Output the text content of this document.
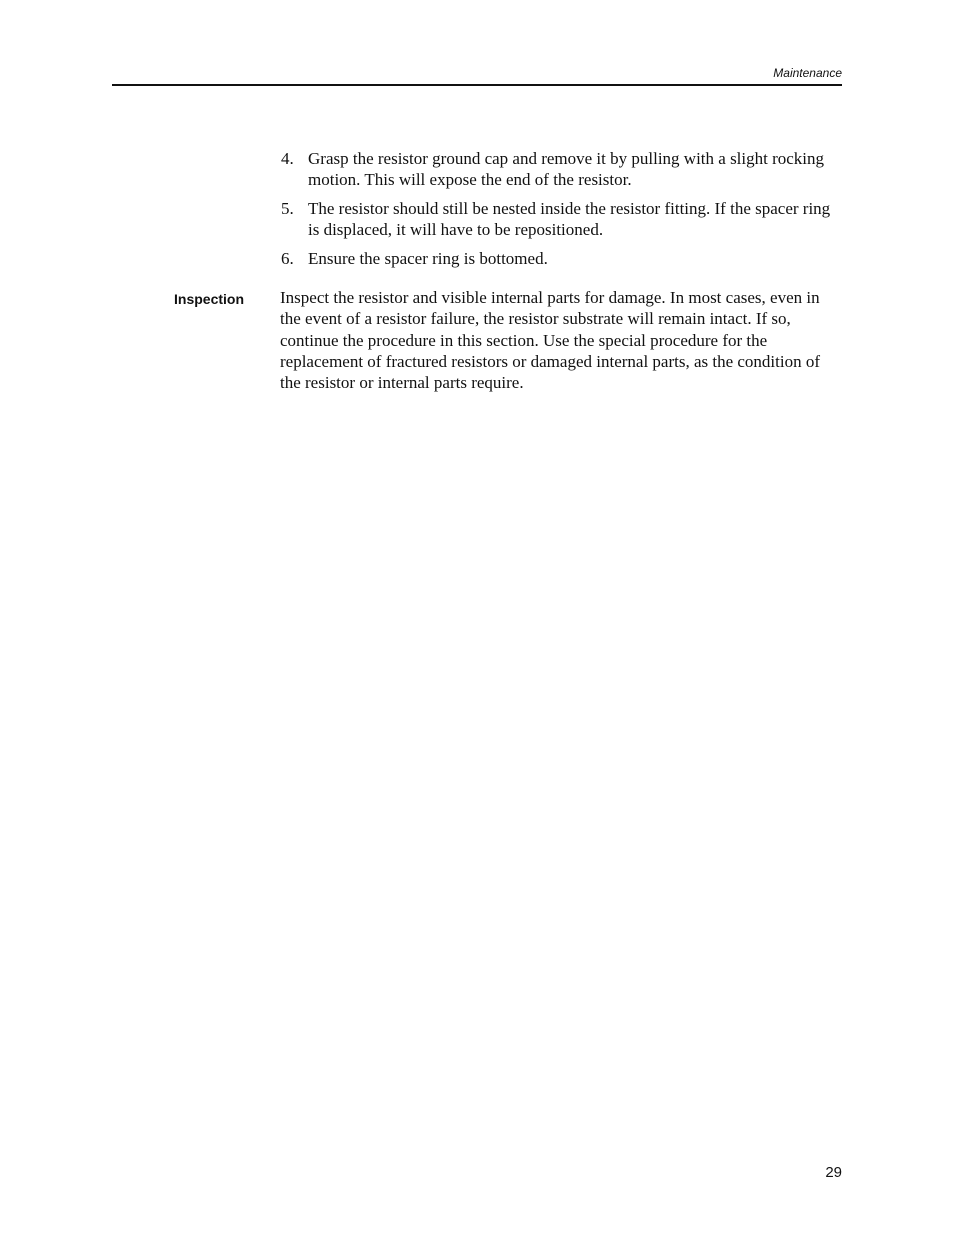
Maintenance
4. Grasp the resistor ground cap and remove it by pulling with a slight rocking motion. This will expose the end of the resistor.
5. The resistor should still be nested inside the resistor fitting. If the spacer ring is displaced, it will have to be repositioned.
6. Ensure the spacer ring is bottomed.
Inspection Inspect the resistor and visible internal parts for damage. In most cases, even in the event of a resistor failure, the resistor substrate will remain intact. If so, continue the procedure in this section. Use the special procedure for the replacement of fractured resistors or damaged internal parts, as the condition of the resistor or internal parts require.

29
